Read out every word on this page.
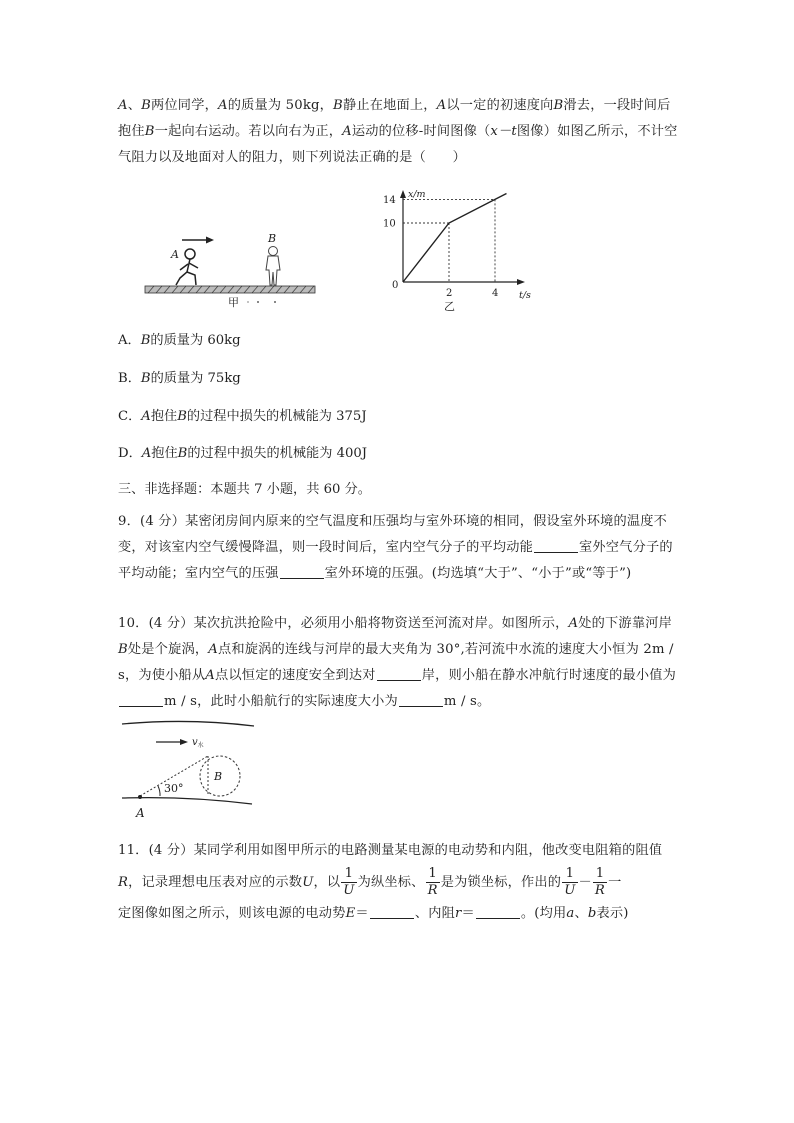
A、B两位同学，A的质量为 50kg，B静止在地面上，A以一定的初速度向B滑去，一段时间后抱住B一起向右运动。若以向右为正，A运动的位移-时间图像（x－t图像）如图乙所示，不计空气阻力以及地面对人的阻力，则下列说法正确的是（　　）

A
B
甲
x/m
t/s
0
14
10
2	4
乙
A．B的质量为 60kg
B．B的质量为 75kg
C．A抱住B的过程中损失的机械能为 375J
D．A抱住B的过程中损失的机械能为 400J
三、非选择题：本题共 7 小题，共 60 分。

9．(4 分）某密闭房间内原来的空气温度和压强均与室外环境的相同，假设室外环境的温度不变，对该室内空气缓慢降温，则一段时间后，室内空气分子的平均动能	室外空气分子的平均动能；室内空气的压强	室外环境的压强。(均选填“大于”、“小于”或“等于”)

10．(4 分）某次抗洪抢险中，必须用小船将物资送至河流对岸。如图所示，A处的下游靠河岸B处是个旋涡，A点和旋涡的连线与河岸的最大夹角为 30°,若河流中水流的速度大小恒为 2m / s，为使小船从A点以恒定的速度安全到达对	岸，则小船在静水冲航行时速度的最小值为m / s，此时小船航行的实际速度大小为	m / s。

$v_水$
30°
B
A

11．(4 分）某同学利用如图甲所示的电路测量某电源的电动势和内阻，他改变电阻箱的阻值R，记录理想电压表对应的示数U，以 $\frac{1}{U}$ 为纵坐标、 $\frac{1}{R}$ 是为锁坐标，作出的 $\frac{1}{U} - \frac{1}{R}$ 一
定图像如图之所示，则该电源的电动势E＝	、内阻r＝	。(均用a、b表示)
